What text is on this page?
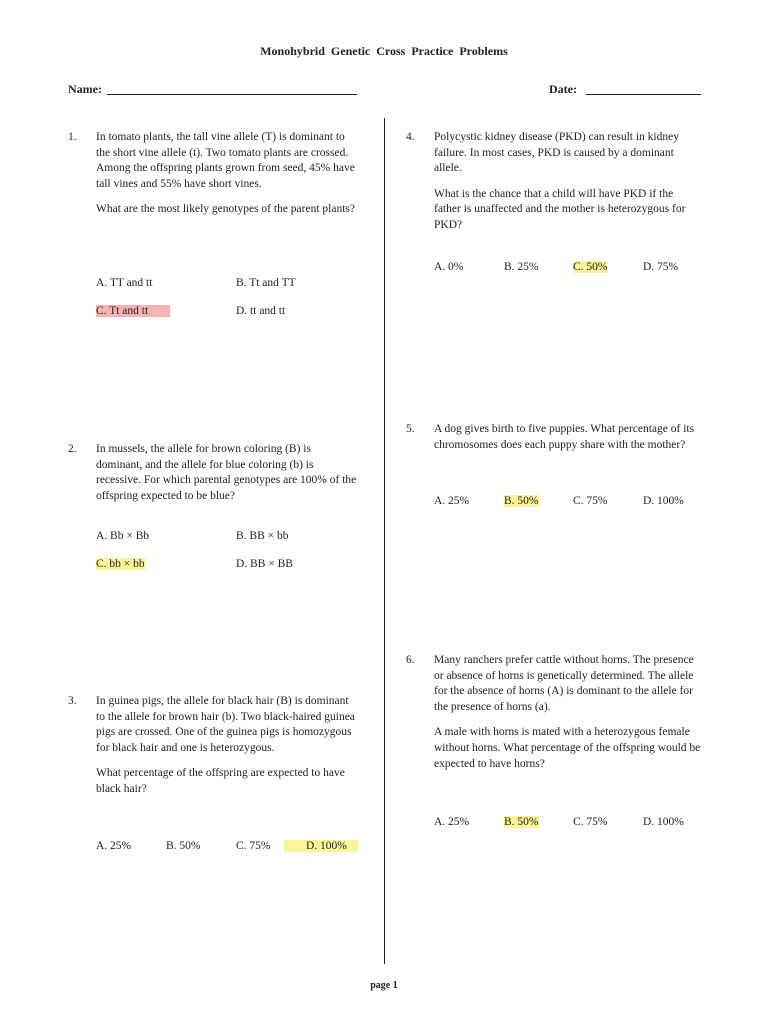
Monohybrid Genetic Cross Practice Problems
Name:	Date:
1. In tomato plants, the tall vine allele (T) is dominant to the short vine allele (t). Two tomato plants are crossed. Among the offspring plants grown from seed, 45% have tall vines and 55% have short vines.

What are the most likely genotypes of the parent plants?

A. TT and tt	B. Tt and TT
C. Tt and tt	D. tt and tt
2. In mussels, the allele for brown coloring (B) is dominant, and the allele for blue coloring (b) is recessive. For which parental genotypes are 100% of the offspring expected to be blue?

A. Bb × Bb	B. BB × bb
C. bb × bb	D. BB × BB
3. In guinea pigs, the allele for black hair (B) is dominant to the allele for brown hair (b). Two black-haired guinea pigs are crossed. One of the guinea pigs is homozygous for black hair and one is heterozygous.

What percentage of the offspring are expected to have black hair?

A. 25%	B. 50%	C. 75%	D. 100%
4. Polycystic kidney disease (PKD) can result in kidney failure. In most cases, PKD is caused by a dominant allele.

What is the chance that a child will have PKD if the father is unaffected and the mother is heterozygous for PKD?

A. 0%	B. 25%	C. 50%	D. 75%
5. A dog gives birth to five puppies. What percentage of its chromosomes does each puppy share with the mother?

A. 25%	B. 50%	C. 75%	D. 100%
6. Many ranchers prefer cattle without horns. The presence or absence of horns is genetically determined. The allele for the absence of horns (A) is dominant to the allele for the presence of horns (a).

A male with horns is mated with a heterozygous female without horns. What percentage of the offspring would be expected to have horns?

A. 25%	B. 50%	C. 75%	D. 100%
page 1
